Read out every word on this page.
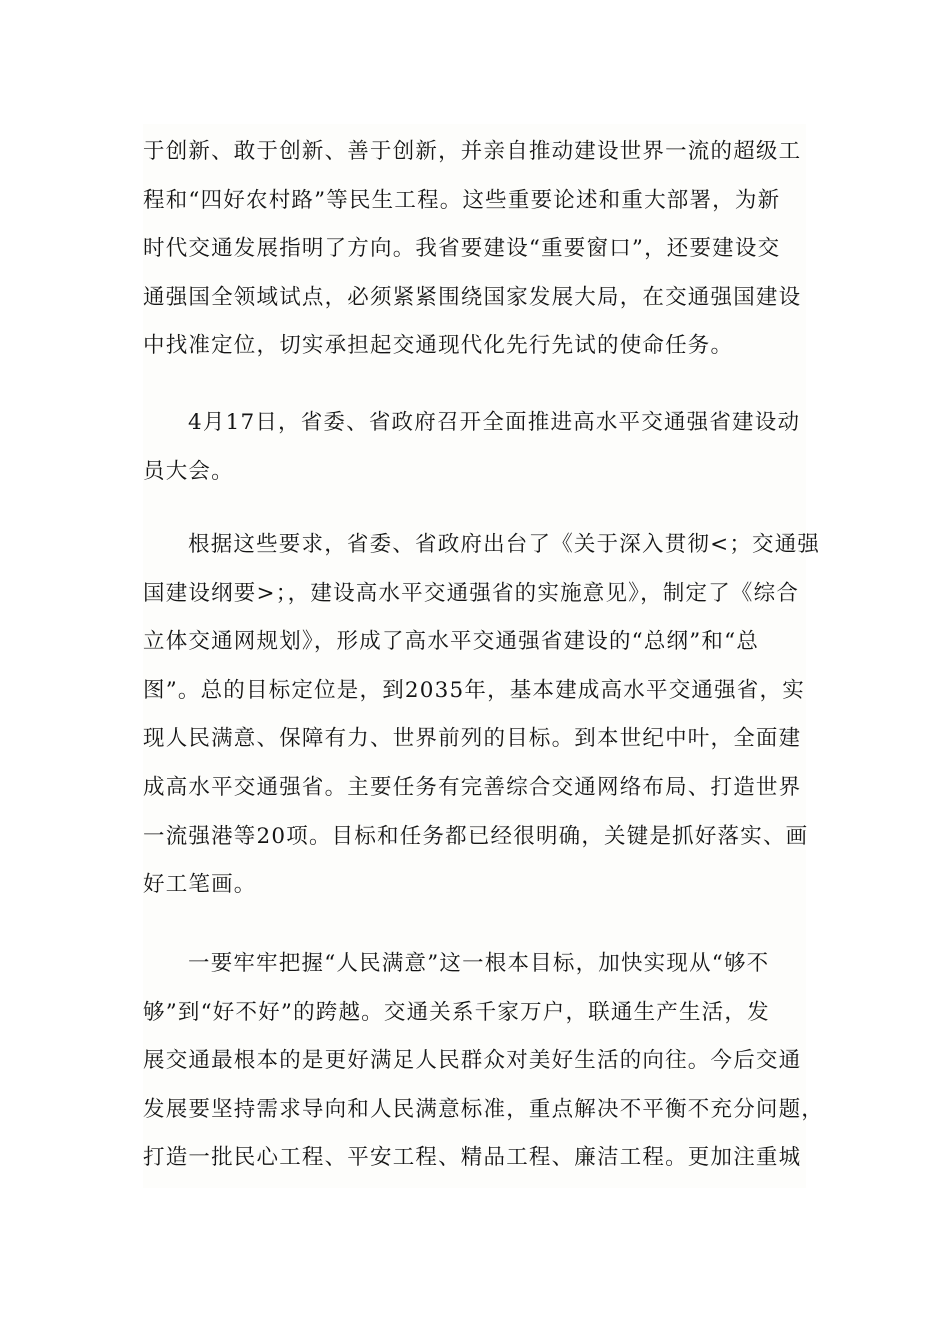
于创新、敢于创新、善于创新，并亲自推动建设世界一流的超级工
程和“四好农村路”等民生工程。这些重要论述和重大部署，为新
时代交通发展指明了方向。我省要建设“重要窗口”，还要建设交
通强国全领域试点，必须紧紧围绕国家发展大局，在交通强国建设
中找准定位，切实承担起交通现代化先行先试的使命任务。
4月17日，省委、省政府召开全面推进高水平交通强省建设动
员大会。
根据这些要求，省委、省政府出台了《关于深入贯彻<；交通强
国建设纲要>；，建设高水平交通强省的实施意见》，制定了《综合
立体交通网规划》，形成了高水平交通强省建设的“总纲”和“总
图”。总的目标定位是，到2035年，基本建成高水平交通强省，实
现人民满意、保障有力、世界前列的目标。到本世纪中叶，全面建
成高水平交通强省。主要任务有完善综合交通网络布局、打造世界
一流强港等20项。目标和任务都已经很明确，关键是抓好落实、画
好工笔画。
一要牢牢把握“人民满意”这一根本目标，加快实现从“够不
够”到“好不好”的跨越。交通关系千家万户，联通生产生活，发
展交通最根本的是更好满足人民群众对美好生活的向往。今后交通
发展要坚持需求导向和人民满意标准，重点解决不平衡不充分问题，
打造一批民心工程、平安工程、精品工程、廉洁工程。更加注重城
